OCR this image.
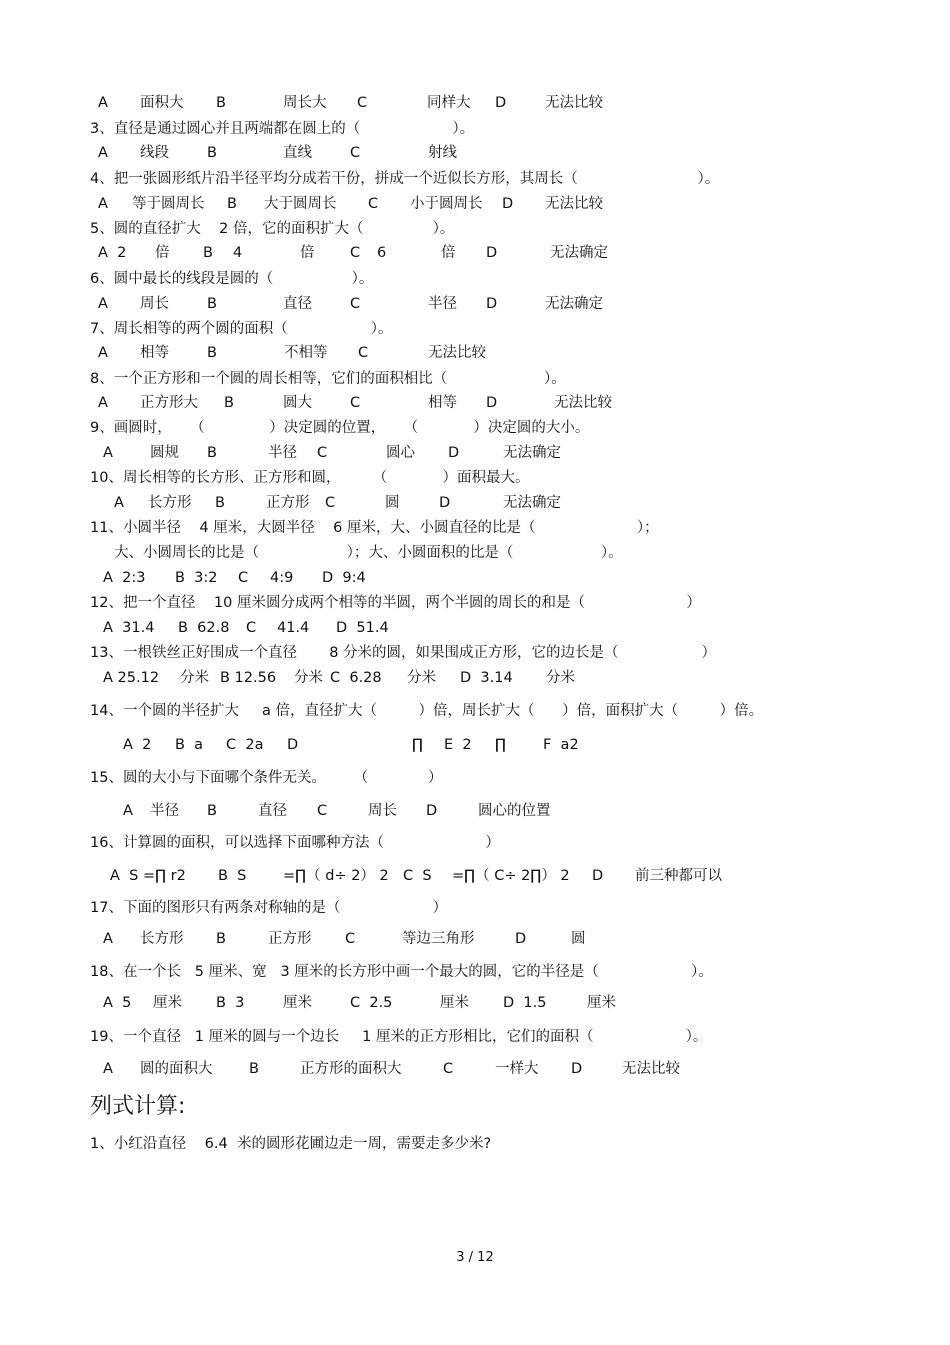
A 面积大 B	周长大 C	同样大 D	无法比较
3、直径是通过圆心并且两端都在圆上的（                    ）。
A 线段	B	直线	C	射线
4、把一张圆形纸片沿半径平均分成若干份，拼成一个近似长方形，其周长（                          ）。
A 等于圆周长 B 大于圆周长 C 小于圆周长 D 无法比较
5、圆的直径扩大    2 倍，它的面积扩大（               ）。
A  2 倍 B 4	倍 C 6	倍 D	无法确定
6、圆中最长的线段是圆的（                 ）。
A 周长	B	直径	C	半径 D	无法确定
7、周长相等的两个圆的面积（                  ）。
A 相等	B	不相等 C	无法比较
8、一个正方形和一个圆的周长相等，它们的面积相比（                     ）。
A 正方形大 B	圆大	C	相等 D	无法比较
9、画圆时，    （              ）决定圆的位置，    （            ）决定圆的大小。
A	圆规 B	半径 C	圆心 D	无法确定
10、周长相等的长方形、正方形和圆，       （            ）面积最大。
A 长方形 B	正方形 C	圆	D	无法确定
11、小圆半径    4 厘米，大圆半径    6 厘米，大、小圆直径的比是（                      ）；
大、小圆周长的比是（                   ）；大、小圆面积的比是（                   ）。
A  2:3 B  3:2 C 4:9 D  9:4
12、把一个直径    10 厘米圆分成两个相等的半圆，两个半圆的周长的和是（                      ）
A  31.4 B  62.8 C 41.4 D  51.4
13、一根铁丝正好围成一个直径       8 分米的圆，如果围成正方形，它的边长是（                  ）
A 25.12 分米 B 12.56 分米 C  6.28 分米 D  3.14 分米
14、一个圆的半径扩大     a 倍，直径扩大（         ）倍，周长扩大（      ）倍，面积扩大（         ）倍。
A  2 B  a C  2a D	∏ E  2 ∏	F  a2
15、圆的大小与下面哪个条件无关。      （             ）
A 半径 B	直径 C	周长 D	圆心的位置
16、计算圆的面积，可以选择下面哪种方法（                      ）
A  S =∏ r2 B  S	=∏（ d÷ 2） 2 C  S =∏（ C÷ 2∏） 2 D 前三种都可以
17、下面的图形只有两条对称轴的是（                    ）
A 长方形 B	正方形 C	等边三角形	D	圆
18、在一个长   5 厘米、宽   3 厘米的长方形中画一个最大的圆，它的半径是（                    ）。
A  5 厘米 B  3	厘米	C  2.5	厘米 D  1.5	厘米
19、一个直径   1 厘米的圆与一个边长     1 厘米的正方形相比，它们的面积（                    ）。
A 圆的面积大	B	正方形的面积大	C	一样大 D	无法比较
列式计算:

1、小红沿直径    6.4  米的圆形花圃边走一周，需要走多少米?

3 / 12
